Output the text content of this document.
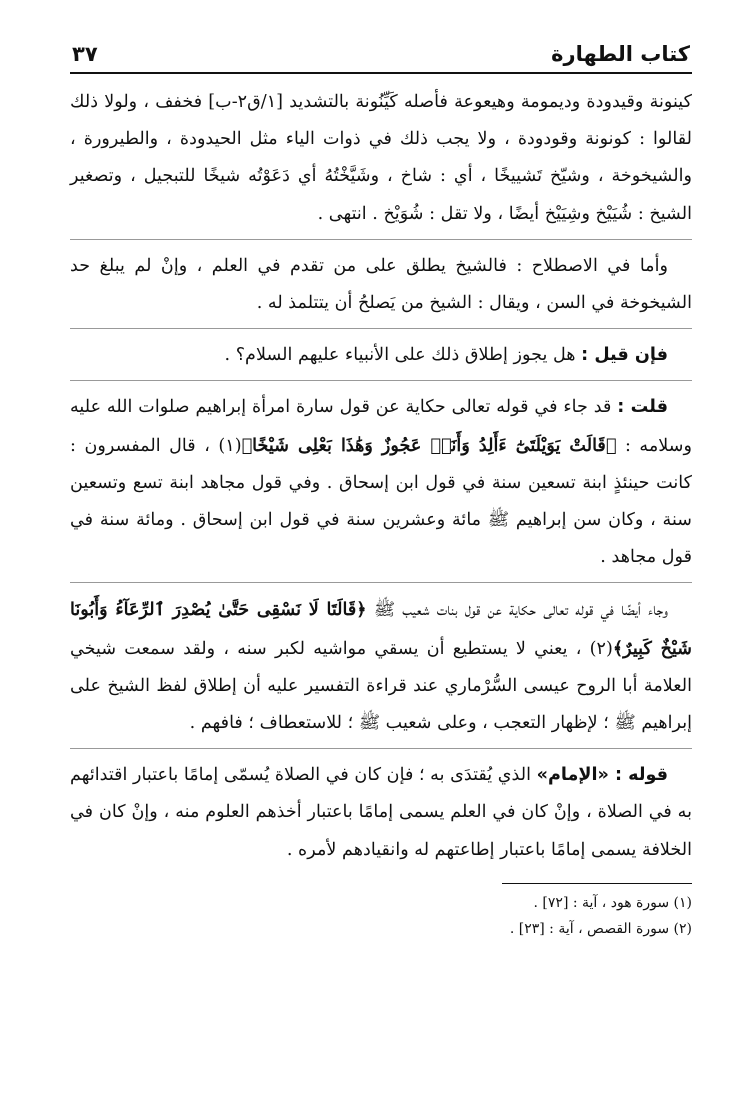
كتاب الطهارة
٣٧

كينونة وقيدودة وديمومة وهيعوعة فأصله كَيِّنُونة بالتشديد [١/ق٢-ب] فخفف ، ولولا ذلك لقالوا : كونونة وقودودة ، ولا يجب ذلك في ذوات الياء مثل الحيدودة ، والطيرورة ، والشيخوخة ، وشيّخ تَشييخًا ، أي : شاخ ، وشَيَّخْتُهُ أي دَعَوْتُه شيخًا للتبجيل ، وتصغير الشيخ : شُيَيْخ وشِيَيْخ أيضًا ، ولا تقل : شُوَيْخ . انتهى .

وأما في الاصطلاح : فالشيخ يطلق على من تقدم في العلم ، وإنْ لم يبلغ حد الشيخوخة في السن ، ويقال : الشيخ من يَصلحُ أن يتتلمذ له .

فإن قيل : هل يجوز إطلاق ذلك على الأنبياء عليهم السلام؟ .

قلت : قد جاء في قوله تعالى حكاية عن قول سارة امرأة إبراهيم صلوات الله عليه وسلامه : ﴿قَالَتْ يَوَيْلَتَىٰٓ ءَأَلِدُ وَأَنَا۠ عَجُوزٌ وَهَٰذَا بَعْلِى شَيْخًا﴾(١) ، قال المفسرون : كانت حينئذٍ ابنة تسعين سنة في قول ابن إسحاق . وفي قول مجاهد ابنة تسع وتسعين سنة ، وكان سن إبراهيم ﷺ مائة وعشرين سنة في قول ابن إسحاق . ومائة سنة في قول مجاهد .

وجاء أيضًا في قوله تعالى حكاية عن قول بنات شعيب ﷺ ﴿قَالَتَا لَا نَسْقِى حَتَّىٰ يُصْدِرَ ٱلرِّعَآءُ وَأَبُونَا شَيْخٌ كَبِيرٌ﴾(٢) ، يعني لا يستطيع أن يسقي مواشيه لكبر سنه ، ولقد سمعت شيخي العلامة أبا الروح عيسى السُّرْماري عند قراءة التفسير عليه أن إطلاق لفظ الشيخ على إبراهيم ﷺ ؛ لإظهار التعجب ، وعلى شعيب ﷺ ؛ للاستعطاف ؛ فافهم .

قوله : «الإمام» الذي يُقتدَى به ؛ فإن كان في الصلاة يُسمّى إمامًا باعتبار اقتدائهم به في الصلاة ، وإنْ كان في العلم يسمى إمامًا باعتبار أخذهم العلوم منه ، وإنْ كان في الخلافة يسمى إمامًا باعتبار إطاعتهم له وانقيادهم لأمره .

(١) سورة هود ، آية : [٧٢] .

(٢) سورة القصص ، آية : [٢٣] .
